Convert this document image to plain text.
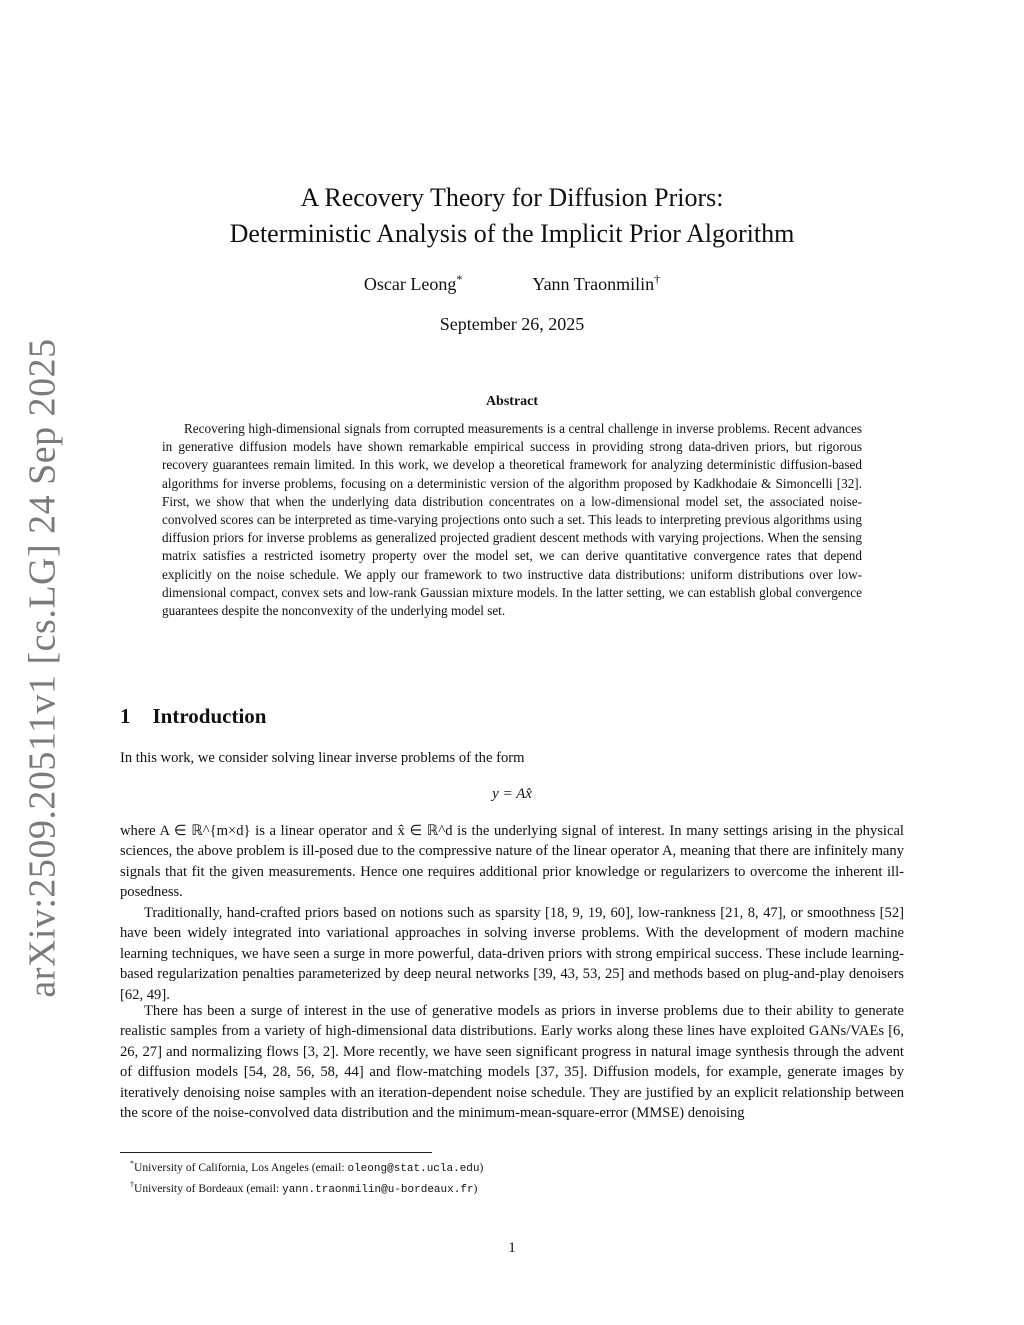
arXiv:2509.20511v1 [cs.LG] 24 Sep 2025
A Recovery Theory for Diffusion Priors:
Deterministic Analysis of the Implicit Prior Algorithm
Oscar Leong*	Yann Traonmilin†
September 26, 2025
Abstract
Recovering high-dimensional signals from corrupted measurements is a central challenge in inverse problems. Recent advances in generative diffusion models have shown remarkable empirical success in providing strong data-driven priors, but rigorous recovery guarantees remain limited. In this work, we develop a theoretical framework for analyzing deterministic diffusion-based algorithms for inverse problems, focusing on a deterministic version of the algorithm proposed by Kadkhodaie & Simoncelli [32]. First, we show that when the underlying data distribution concentrates on a low-dimensional model set, the associated noise-convolved scores can be interpreted as time-varying projections onto such a set. This leads to interpreting previous algorithms using diffusion priors for inverse problems as generalized projected gradient descent methods with varying projections. When the sensing matrix satisfies a restricted isometry property over the model set, we can derive quantitative convergence rates that depend explicitly on the noise schedule. We apply our framework to two instructive data distributions: uniform distributions over low-dimensional compact, convex sets and low-rank Gaussian mixture models. In the latter setting, we can establish global convergence guarantees despite the nonconvexity of the underlying model set.
1 Introduction
In this work, we consider solving linear inverse problems of the form
y = Ax̂
where A ∈ ℝ^{m×d} is a linear operator and x̂ ∈ ℝ^d is the underlying signal of interest. In many settings arising in the physical sciences, the above problem is ill-posed due to the compressive nature of the linear operator A, meaning that there are infinitely many signals that fit the given measurements. Hence one requires additional prior knowledge or regularizers to overcome the inherent ill-posedness.
Traditionally, hand-crafted priors based on notions such as sparsity [18, 9, 19, 60], low-rankness [21, 8, 47], or smoothness [52] have been widely integrated into variational approaches in solving inverse problems. With the development of modern machine learning techniques, we have seen a surge in more powerful, data-driven priors with strong empirical success. These include learning-based regularization penalties parameterized by deep neural networks [39, 43, 53, 25] and methods based on plug-and-play denoisers [62, 49].
There has been a surge of interest in the use of generative models as priors in inverse problems due to their ability to generate realistic samples from a variety of high-dimensional data distributions. Early works along these lines have exploited GANs/VAEs [6, 26, 27] and normalizing flows [3, 2]. More recently, we have seen significant progress in natural image synthesis through the advent of diffusion models [54, 28, 56, 58, 44] and flow-matching models [37, 35]. Diffusion models, for example, generate images by iteratively denoising noise samples with an iteration-dependent noise schedule. They are justified by an explicit relationship between the score of the noise-convolved data distribution and the minimum-mean-square-error (MMSE) denoising
*University of California, Los Angeles (email: oleong@stat.ucla.edu)
†University of Bordeaux (email: yann.traonmilin@u-bordeaux.fr)
1
